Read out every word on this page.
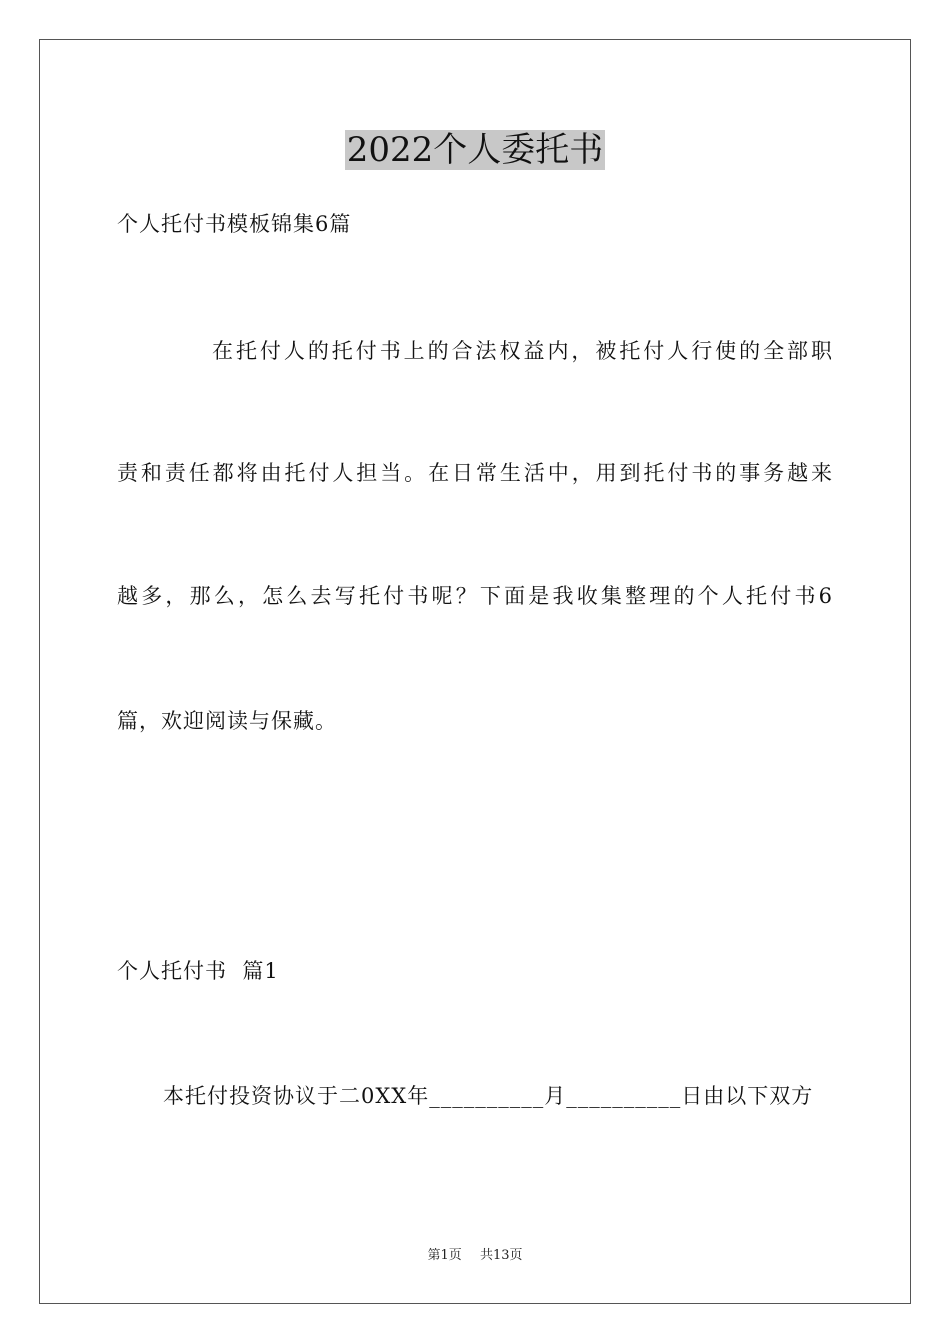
2022个人委托书
个人托付书模板锦集6篇
在托付人的托付书上的合法权益内，被托付人行使的全部职
责和责任都将由托付人担当。在日常生活中，用到托付书的事务越来
越多，那么，怎么去写托付书呢？下面是我收集整理的个人托付书6
篇，欢迎阅读与保藏。
个人托付书  篇1
本托付投资协议于二0XX年__________月__________日由以下双方
第1页 共13页
